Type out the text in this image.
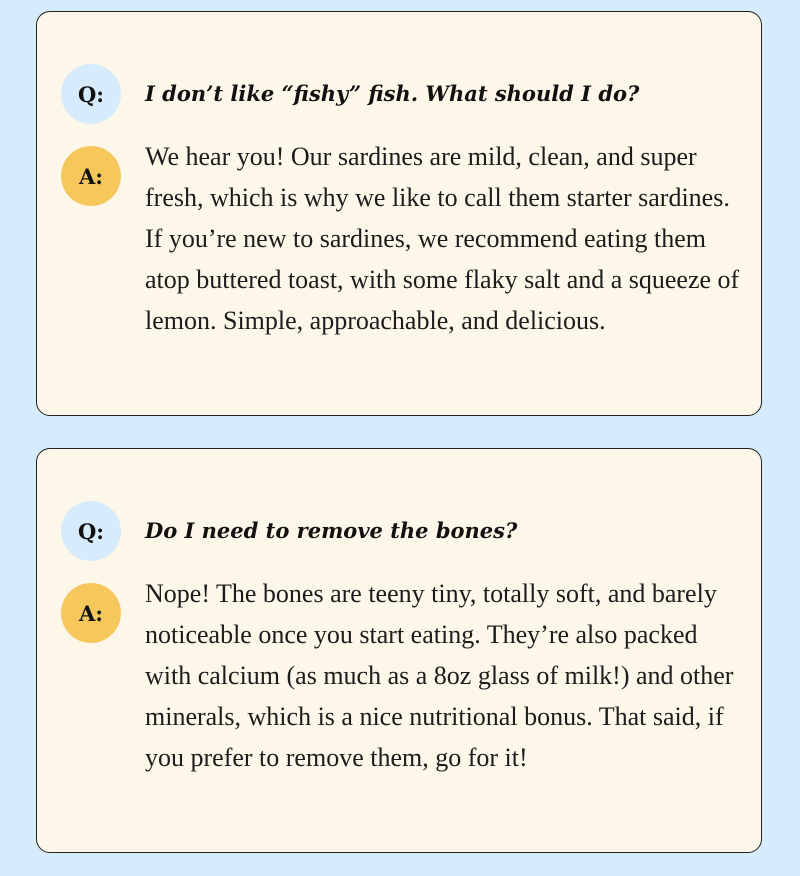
Q:	I don’t like “fishy” fish. What should I do?
A:

We hear you! Our sardines are mild, clean, and super fresh, which is why we like to call them starter sardines. If you’re new to sardines, we recommend eating them atop buttered toast, with some flaky salt and a squeeze of lemon. Simple, approachable, and delicious.

Q:	Do I need to remove the bones?
A:

Nope! The bones are teeny tiny, totally soft, and barely noticeable once you start eating. They’re also packed with calcium (as much as a 8oz glass of milk!) and other minerals, which is a nice nutritional bonus. That said, if you prefer to remove them, go for it!
